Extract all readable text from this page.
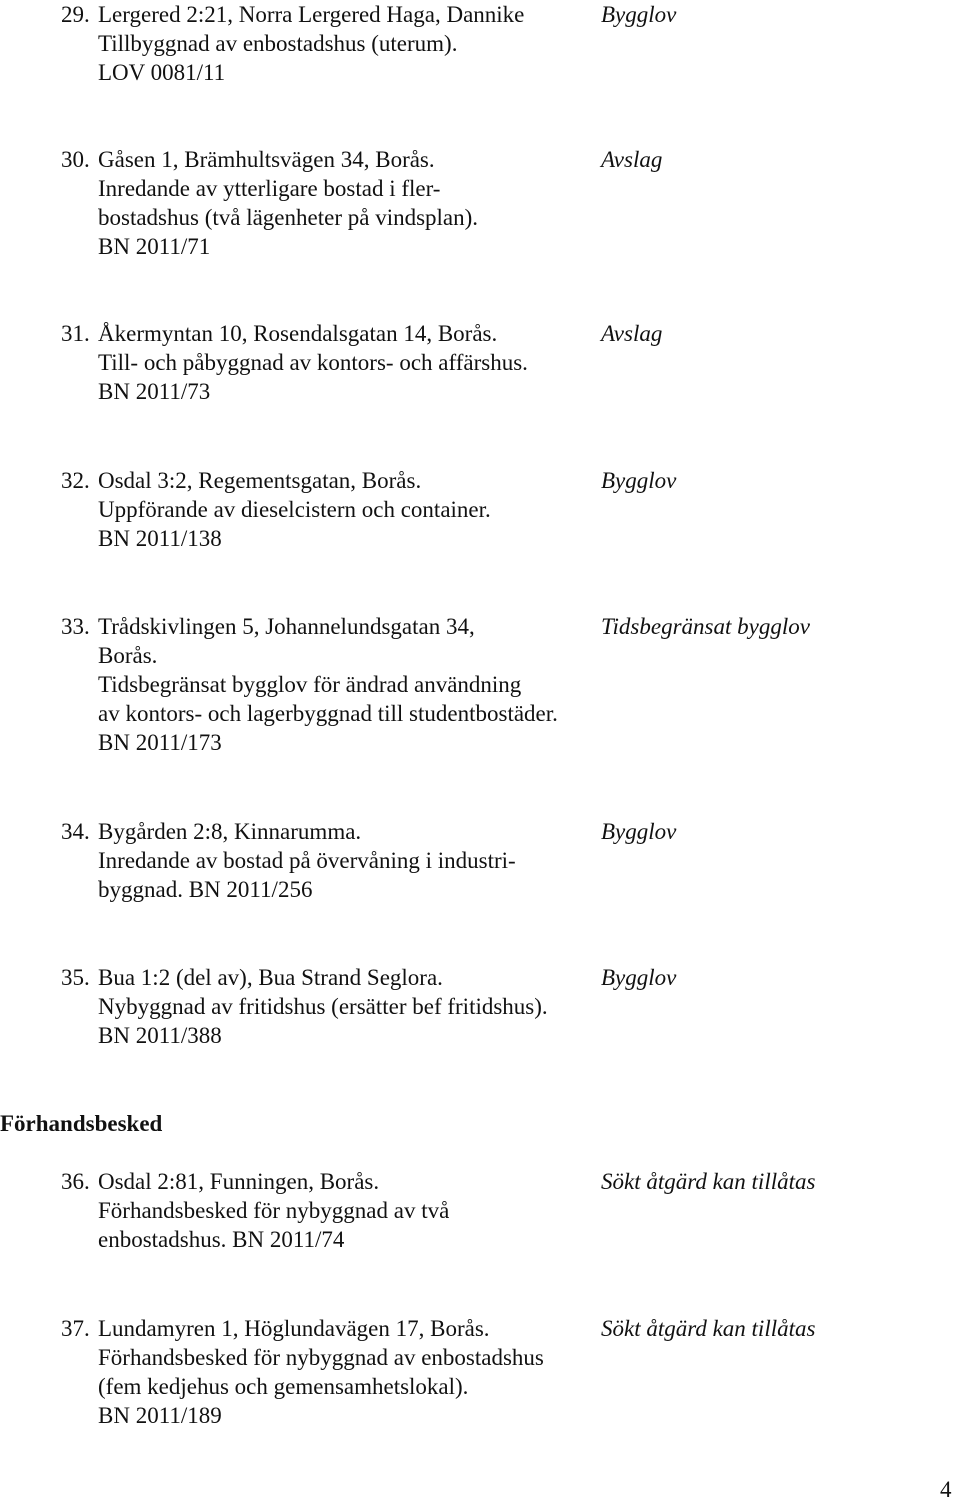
29. Lergered 2:21, Norra Lergered Haga, Dannike	Bygglov
Tillbyggnad av enbostadshus (uterum).
LOV 0081/11
30. Gåsen 1, Brämhultsvägen 34, Borås.	Avslag
Inredande av ytterligare bostad i fler-
bostadshus (två lägenheter på vindsplan).
BN 2011/71
31. Åkermyntan 10, Rosendalsgatan 14, Borås.	Avslag
Till- och påbyggnad av kontors- och affärshus.
BN 2011/73
32. Osdal 3:2, Regementsgatan, Borås.	Bygglov
Uppförande av dieselcistern och container.
BN 2011/138
33. Trådskivlingen 5, Johannelundsgatan 34,	Tidsbegränsat bygglov
Borås.
Tidsbegränsat bygglov för ändrad användning
av kontors- och lagerbyggnad till studentbostäder.
BN 2011/173
34. Bygården 2:8, Kinnarumma.	Bygglov
Inredande av bostad på övervåning i industri-
byggnad. BN 2011/256
35. Bua 1:2 (del av), Bua Strand Seglora.	Bygglov
Nybyggnad av fritidshus (ersätter bef fritidshus).
BN 2011/388
Förhandsbesked
36. Osdal 2:81, Funningen, Borås.	Sökt åtgärd kan tillåtas
Förhandsbesked för nybyggnad av två
enbostadshus. BN 2011/74
37. Lundamyren 1, Höglundavägen 17, Borås.	Sökt åtgärd kan tillåtas
Förhandsbesked för nybyggnad av enbostadshus
(fem kedjehus och gemensamhetslokal).
BN 2011/189
4
